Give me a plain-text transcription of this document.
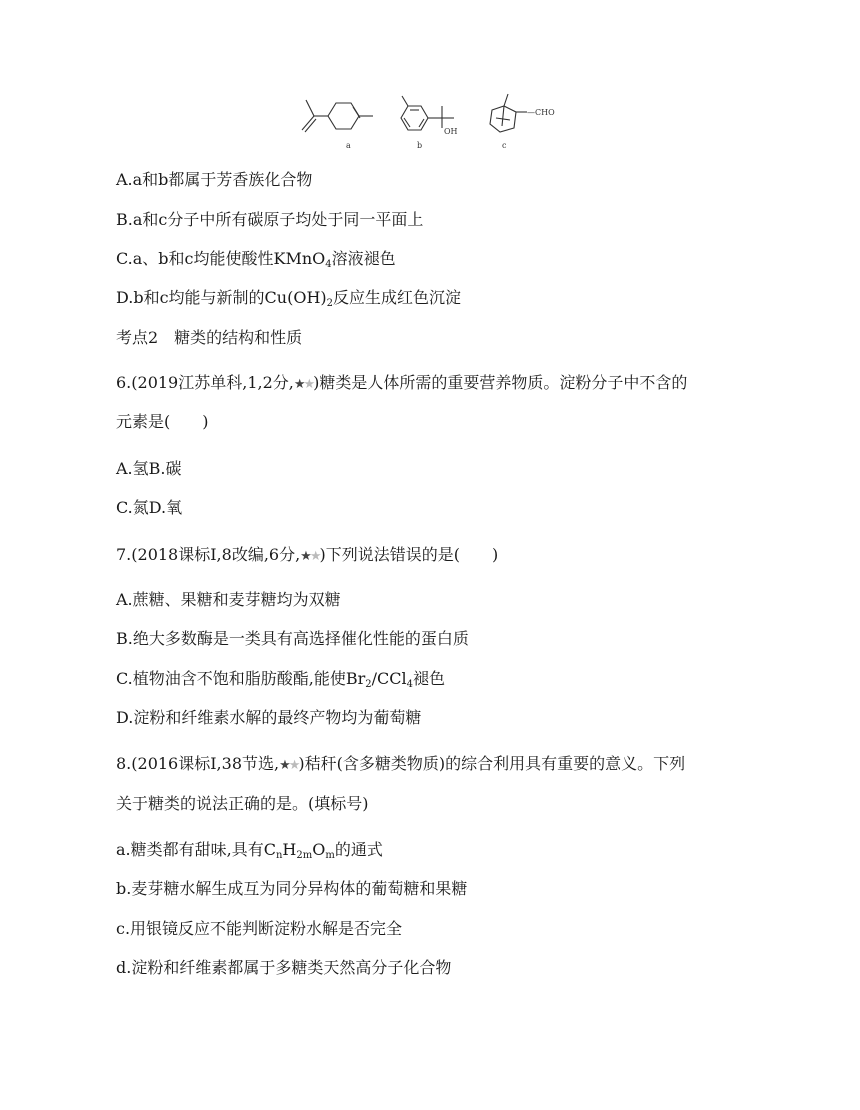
a	b	c
OH
—CHO
A.a和b都属于芳香族化合物
B.a和c分子中所有碳原子均处于同一平面上
C.a、b和c均能使酸性KMnO$_4$溶液褪色
D.b和c均能与新制的$Cu(OH)_2$反应生成红色沉淀
考点2　糖类的结构和性质
6.(2019江苏单科,1,2分,★★)糖类是人体所需的重要营养物质。淀粉分子中不含的
元素是(　　)
A.氢B.碳
C.氮D.氧
7.(2018课标Ⅰ,8改编,6分,★★)下列说法错误的是(　　)
A.蔗糖、果糖和麦芽糖均为双糖
B.绝大多数酶是一类具有高选择催化性能的蛋白质
C.植物油含不饱和脂肪酸酯,能使$Br_2/CCl_4$褪色
D.淀粉和纤维素水解的最终产物均为葡萄糖
8.(2016课标Ⅰ,38节选,★★)秸秆(含多糖类物质)的综合利用具有重要的意义。下列
关于糖类的说法正确的是。(填标号)
a.糖类都有甜味,具有$C_nH_{2m}O_m$的通式
b.麦芽糖水解生成互为同分异构体的葡萄糖和果糖
c.用银镜反应不能判断淀粉水解是否完全
d.淀粉和纤维素都属于多糖类天然高分子化合物
